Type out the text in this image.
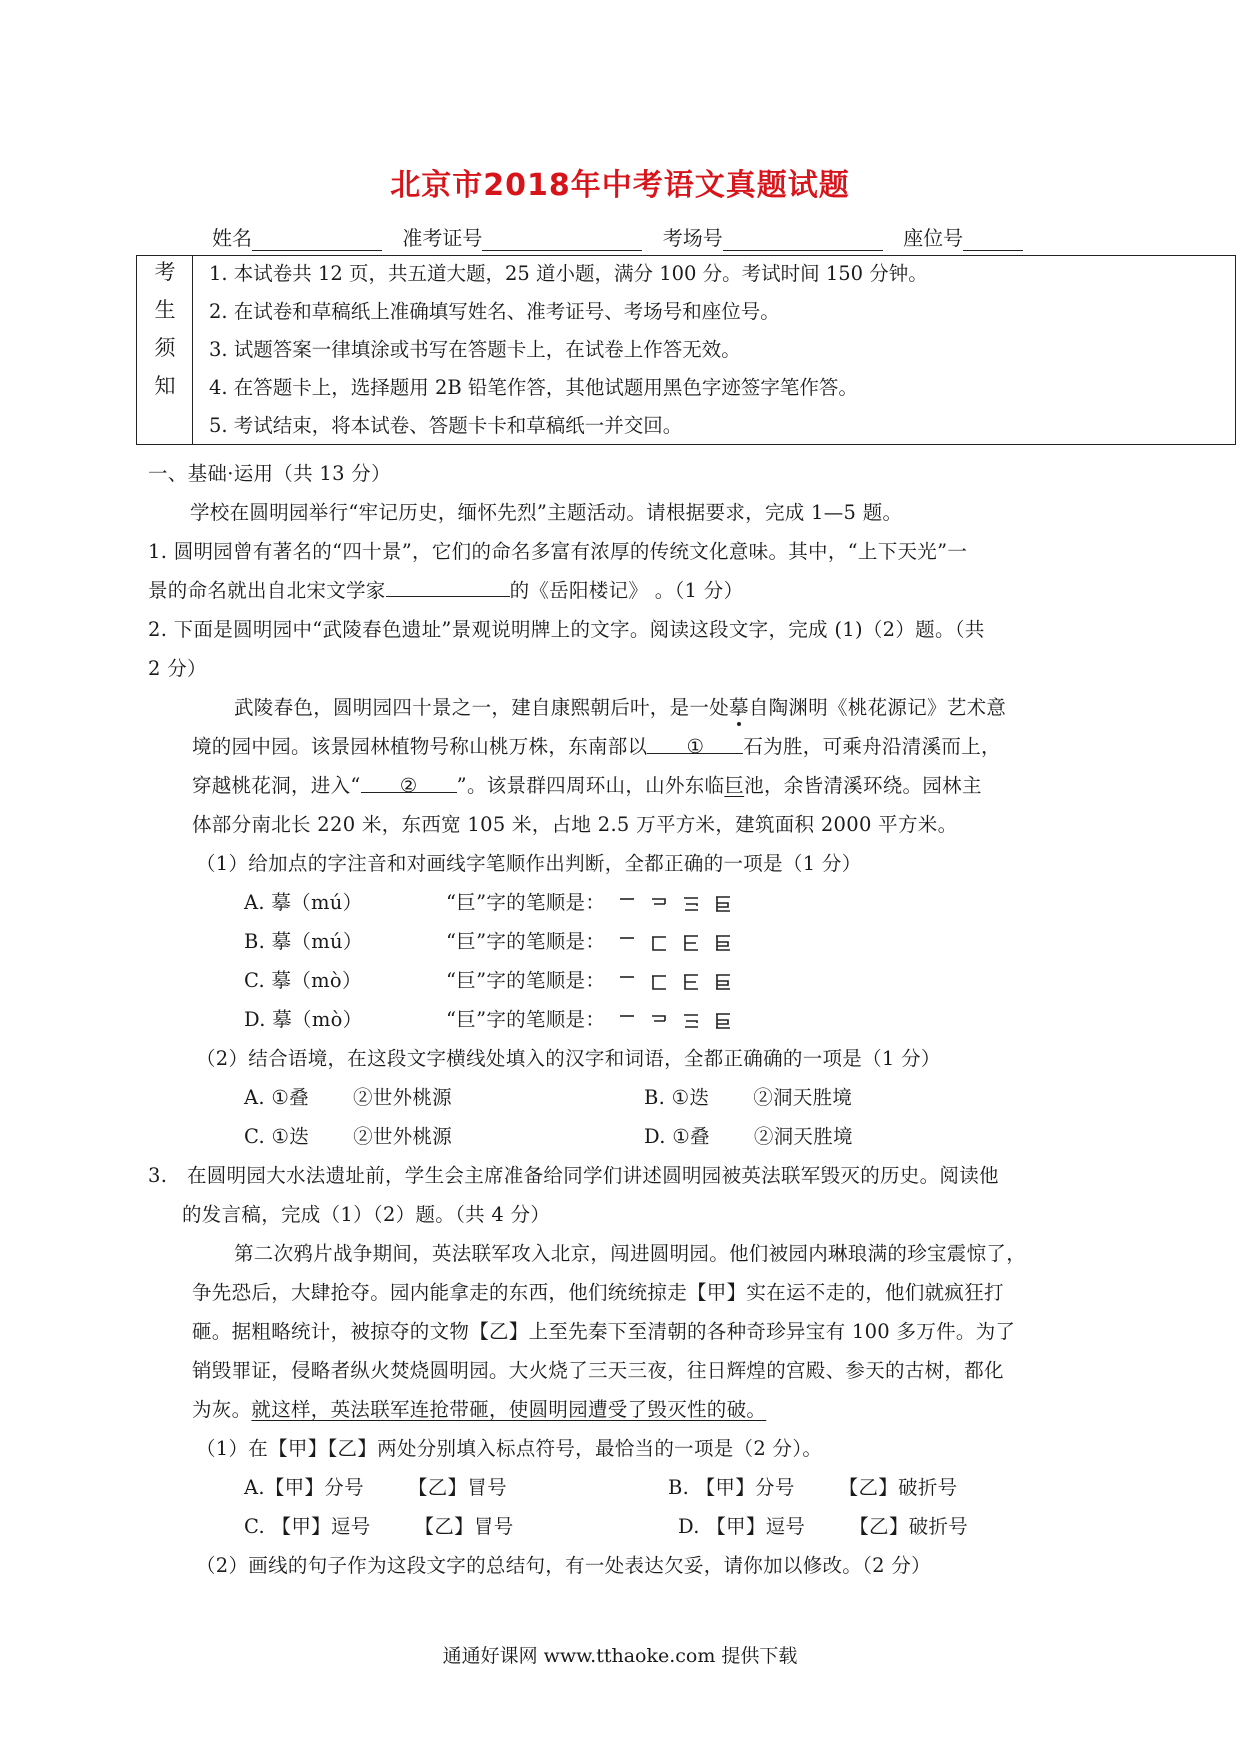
北京市2018年中考语文真题试题
姓名	准考证号	考场号	座位号
考
生
须
知
1. 本试卷共 12 页，共五道大题，25 道小题，满分 100 分。考试时间 150 分钟。
2. 在试卷和草稿纸上准确填写姓名、准考证号、考场号和座位号。
3. 试题答案一律填涂或书写在答题卡上，在试卷上作答无效。
4. 在答题卡上，选择题用 2B 铅笔作答，其他试题用黑色字迹签字笔作答。
5. 考试结束，将本试卷、答题卡卡和草稿纸一并交回。
一、基础·运用（共 13 分）
学校在圆明园举行“牢记历史，缅怀先烈”主题活动。请根据要求，完成 1—5 题。
1. 圆明园曾有著名的“四十景”，它们的命名多富有浓厚的传统文化意味。其中，“上下天光”一
景的命名就出自北宋文学家	的《岳阳楼记》 。（1 分）
2. 下面是圆明园中“武陵春色遗址”景观说明牌上的文字。阅读这段文字，完成 (1)（2）题。（共
2 分）
武陵春色，圆明园四十景之一，建自康熙朝后叶，是一处摹自陶渊明《桃花源记》艺术意
境的园中园。该景园林植物号称山桃万株，东南部以 ① 石为胜，可乘舟沿清溪而上，
穿越桃花洞，进入“ ② ”。该景群四周环山，山外东临巨池，余皆清溪环绕。园林主
体部分南北长 220 米，东西宽 105 米，占地 2.5 万平方米，建筑面积 2000 平方米。
（1）给加点的字注音和对画线字笔顺作出判断，全都正确的一项是（1 分）
A. 摹（mú）	“巨”字的笔顺是：
B. 摹（mú）	“巨”字的笔顺是：
C. 摹（mò）	“巨”字的笔顺是：
D. 摹（mò）	“巨”字的笔顺是：
（2）结合语境，在这段文字横线处填入的汉字和词语，全都正确确的一项是（1 分）
A. ①叠 ②世外桃源	B. ①迭 ②洞天胜境
C. ①迭 ②世外桃源	D. ①叠 ②洞天胜境
3.　在圆明园大水法遗址前，学生会主席准备给同学们讲述圆明园被英法联军毁灭的历史。阅读他
的发言稿，完成（1）（2）题。（共 4 分）
第二次鸦片战争期间，英法联军攻入北京，闯进圆明园。他们被园内琳琅满的珍宝震惊了，
争先恐后，大肆抢夺。园内能拿走的东西，他们统统掠走【甲】实在运不走的，他们就疯狂打
砸。据粗略统计，被掠夺的文物【乙】上至先秦下至清朝的各种奇珍异宝有 100 多万件。为了
销毁罪证，侵略者纵火焚烧圆明园。大火烧了三天三夜，往日辉煌的宫殿、参天的古树，都化
为灰。就这样，英法联军连抢带砸，使圆明园遭受了毁灭性的破。
（1）在【甲】【乙】两处分别填入标点符号，最恰当的一项是（2 分）。
A.【甲】分号 【乙】冒号	B. 【甲】分号 【乙】破折号
C. 【甲】逗号 【乙】冒号	D. 【甲】逗号 【乙】破折号
（2）画线的句子作为这段文字的总结句，有一处表达欠妥，请你加以修改。（2 分）
通通好课网 www.tthaoke.com 提供下载
